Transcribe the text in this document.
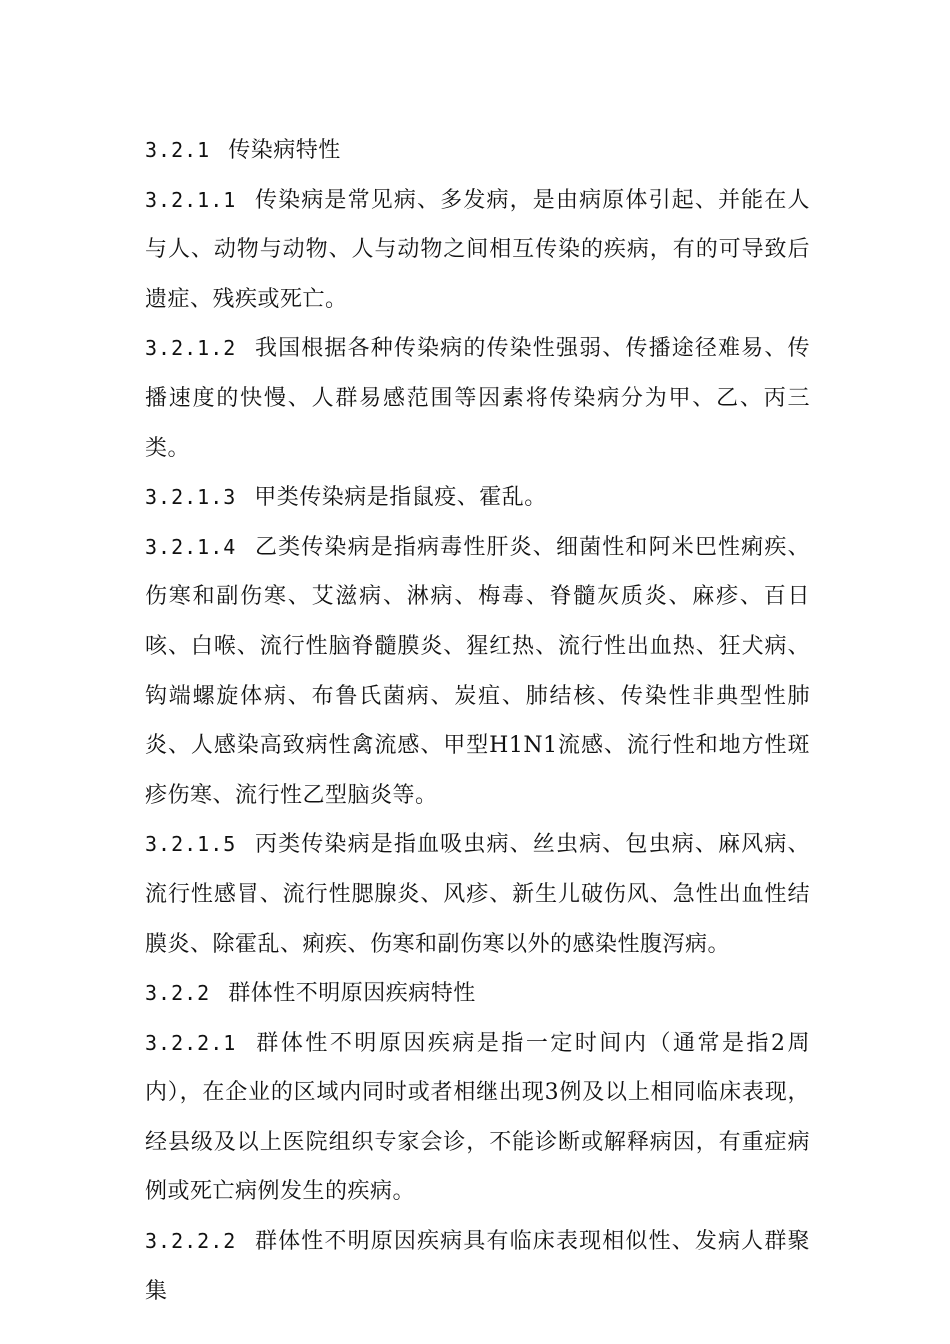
3.2.1 传染病特性

3.2.1.1 传染病是常见病、多发病，是由病原体引起、并能在人与人、动物与动物、人与动物之间相互传染的疾病，有的可导致后遗症、残疾或死亡。

3.2.1.2 我国根据各种传染病的传染性强弱、传播途径难易、传播速度的快慢、人群易感范围等因素将传染病分为甲、乙、丙三类。

3.2.1.3 甲类传染病是指鼠疫、霍乱。

3.2.1.4 乙类传染病是指病毒性肝炎、细菌性和阿米巴性痢疾、伤寒和副伤寒、艾滋病、淋病、梅毒、脊髓灰质炎、麻疹、百日咳、白喉、流行性脑脊髓膜炎、猩红热、流行性出血热、狂犬病、钩端螺旋体病、布鲁氏菌病、炭疽、肺结核、传染性非典型性肺炎、人感染高致病性禽流感、甲型H1N1流感、流行性和地方性斑疹伤寒、流行性乙型脑炎等。

3.2.1.5 丙类传染病是指血吸虫病、丝虫病、包虫病、麻风病、流行性感冒、流行性腮腺炎、风疹、新生儿破伤风、急性出血性结膜炎、除霍乱、痢疾、伤寒和副伤寒以外的感染性腹泻病。

3.2.2 群体性不明原因疾病特性

3.2.2.1 群体性不明原因疾病是指一定时间内（通常是指2周内），在企业的区域内同时或者相继出现3例及以上相同临床表现，经县级及以上医院组织专家会诊，不能诊断或解释病因，有重症病例或死亡病例发生的疾病。

3.2.2.2 群体性不明原因疾病具有临床表现相似性、发病人群聚集
